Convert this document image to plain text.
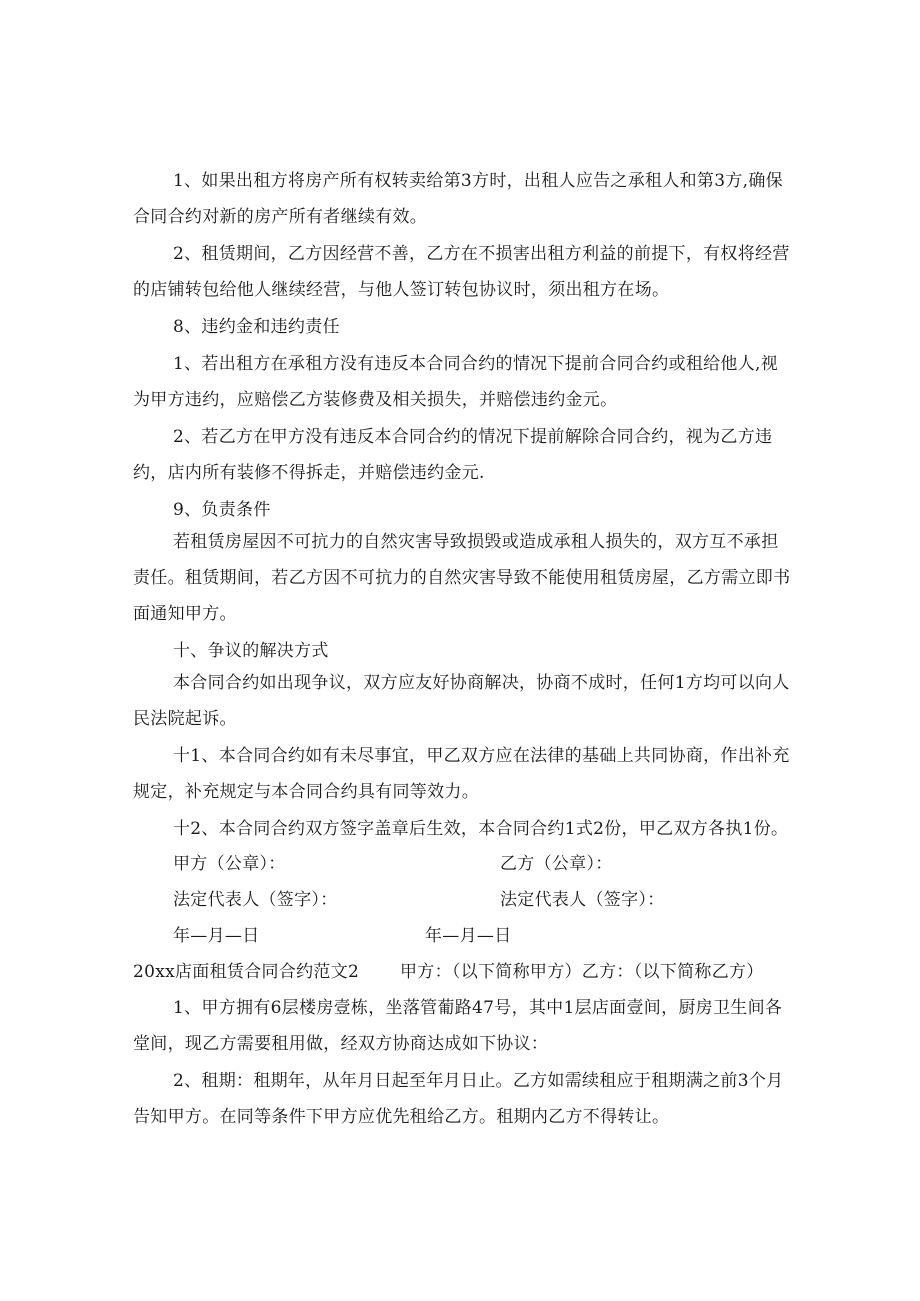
1、如果出租方将房产所有权转卖给第3方时，出租人应告之承租人和第3方,确保合同合约对新的房产所有者继续有效。
2、租赁期间，乙方因经营不善，乙方在不损害出租方利益的前提下，有权将经营的店铺转包给他人继续经营，与他人签订转包协议时，须出租方在场。
8、违约金和违约责任
1、若出租方在承租方没有违反本合同合约的情况下提前合同合约或租给他人,视为甲方违约，应赔偿乙方装修费及相关损失，并赔偿违约金元。
2、若乙方在甲方没有违反本合同合约的情况下提前解除合同合约，视为乙方违约，店内所有装修不得拆走，并赔偿违约金元.
9、负责条件
若租赁房屋因不可抗力的自然灾害导致损毁或造成承租人损失的，双方互不承担责任。租赁期间，若乙方因不可抗力的自然灾害导致不能使用租赁房屋，乙方需立即书面通知甲方。
十、争议的解决方式
本合同合约如出现争议，双方应友好协商解决，协商不成时，任何1方均可以向人民法院起诉。
十1、本合同合约如有未尽事宜，甲乙双方应在法律的基础上共同协商，作出补充规定，补充规定与本合同合约具有同等效力。
十2、本合同合约双方签字盖章后生效，本合同合约1式2份，甲乙双方各执1份。
甲方（公章）：	乙方（公章）：
法定代表人（签字）：	法定代表人（签字）：
年—月—日	年—月—日
20xx店面租赁合同合约范文2 甲方：（以下简称甲方）乙方：（以下简称乙方）
1、甲方拥有6层楼房壹栋，坐落管葡路47号，其中1层店面壹间，厨房卫生间各堂间，现乙方需要租用做，经双方协商达成如下协议：
2、租期：租期年，从年月日起至年月日止。乙方如需续租应于租期满之前3个月告知甲方。在同等条件下甲方应优先租给乙方。租期内乙方不得转让。
